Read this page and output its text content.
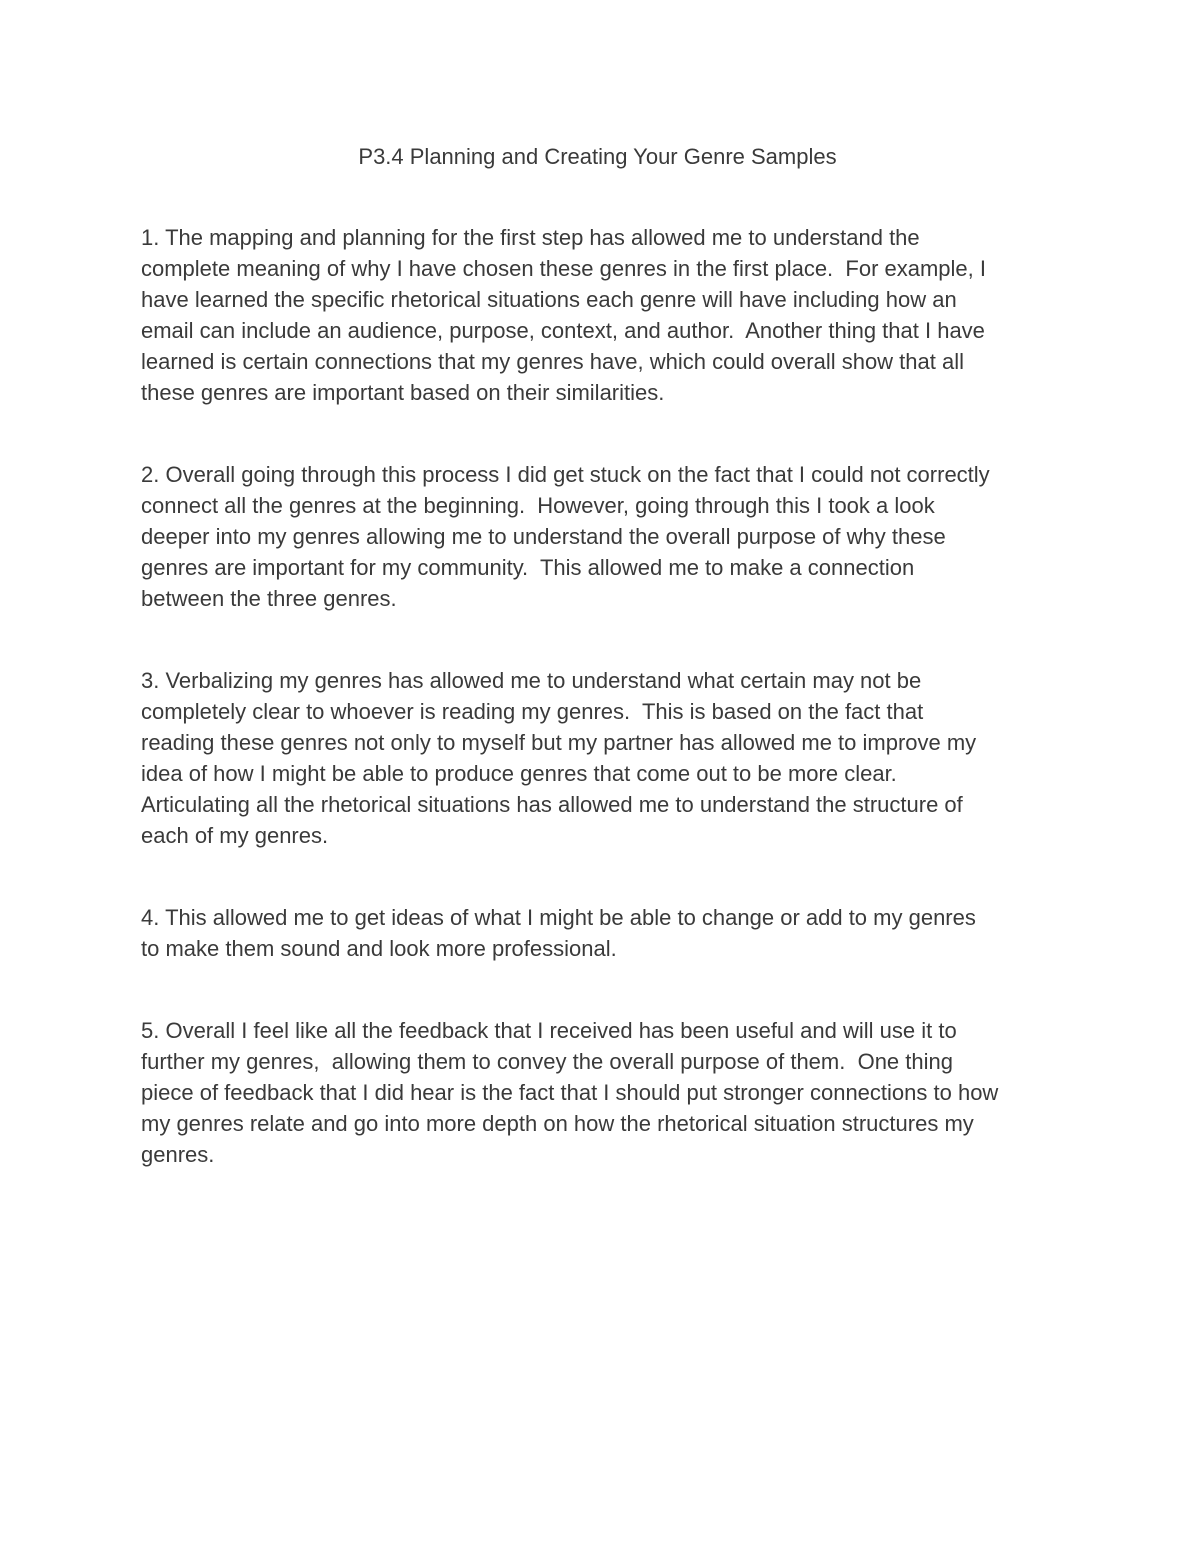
P3.4 Planning and Creating Your Genre Samples

1. The mapping and planning for the first step has allowed me to understand the
complete meaning of why I have chosen these genres in the first place.  For example, I
have learned the specific rhetorical situations each genre will have including how an
email can include an audience, purpose, context, and author.  Another thing that I have
learned is certain connections that my genres have, which could overall show that all
these genres are important based on their similarities.

2. Overall going through this process I did get stuck on the fact that I could not correctly
connect all the genres at the beginning.  However, going through this I took a look
deeper into my genres allowing me to understand the overall purpose of why these
genres are important for my community.  This allowed me to make a connection
between the three genres.

3. Verbalizing my genres has allowed me to understand what certain may not be
completely clear to whoever is reading my genres.  This is based on the fact that
reading these genres not only to myself but my partner has allowed me to improve my
idea of how I might be able to produce genres that come out to be more clear.
Articulating all the rhetorical situations has allowed me to understand the structure of
each of my genres.

4. This allowed me to get ideas of what I might be able to change or add to my genres
to make them sound and look more professional.

5. Overall I feel like all the feedback that I received has been useful and will use it to
further my genres,  allowing them to convey the overall purpose of them.  One thing
piece of feedback that I did hear is the fact that I should put stronger connections to how
my genres relate and go into more depth on how the rhetorical situation structures my
genres.
